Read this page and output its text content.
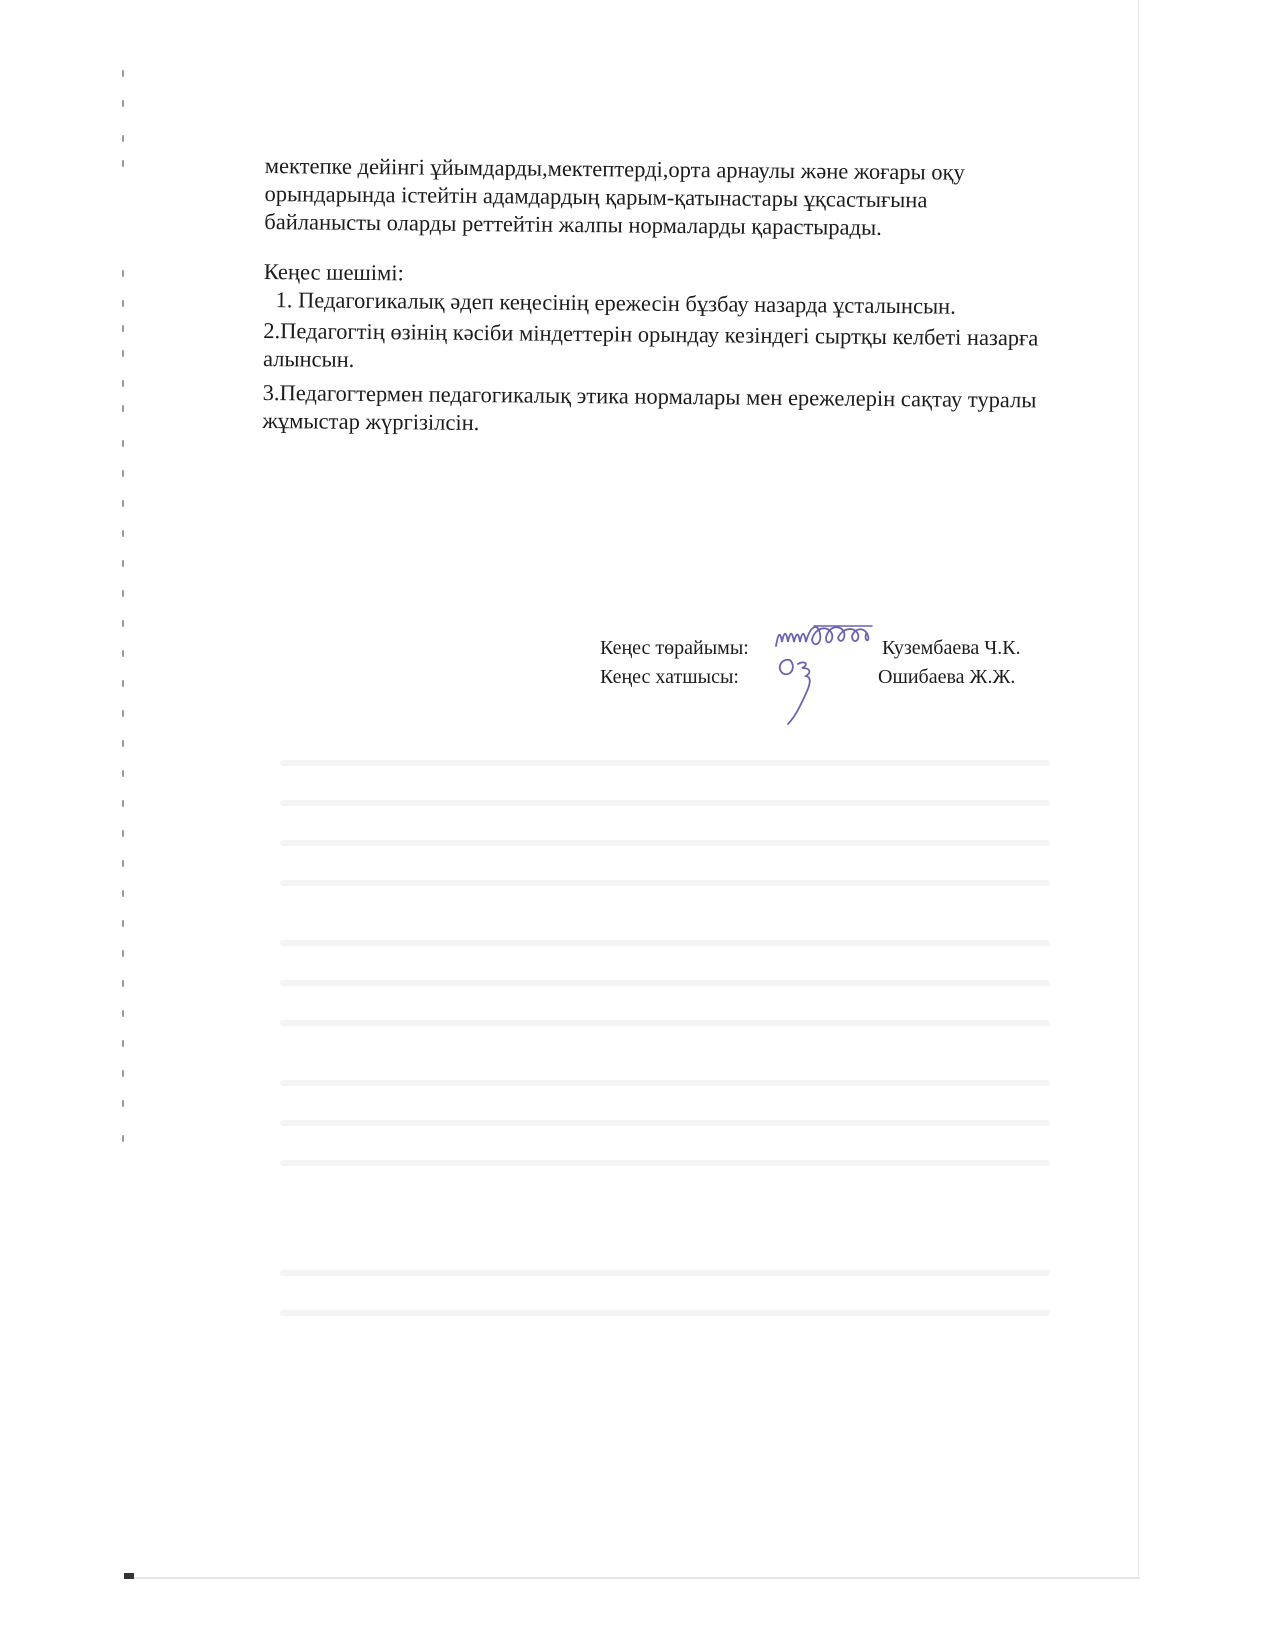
мектепке дейінгі ұйымдарды,мектептерді,орта арнаулы және жоғары оқу

орындарында істейтін адамдардың қарым-қатынастары ұқсастығына

байланысты оларды реттейтін жалпы нормаларды қарастырады.

Кеңес шешімі:

1. Педагогикалық әдеп кеңесінің ережесін бұзбау назарда ұсталынсын.

2.Педагогтің өзінің кәсіби міндеттерін орындау кезіндегі сыртқы келбеті назарға алынсын.

3.Педагогтермен педагогикалық этика нормалары мен ережелерін сақтау туралы жұмыстар жүргізілсін.

Кеңес төрайымы:	Кузембаева Ч.К.
Кеңес хатшысы:	Ошибаева Ж.Ж.
